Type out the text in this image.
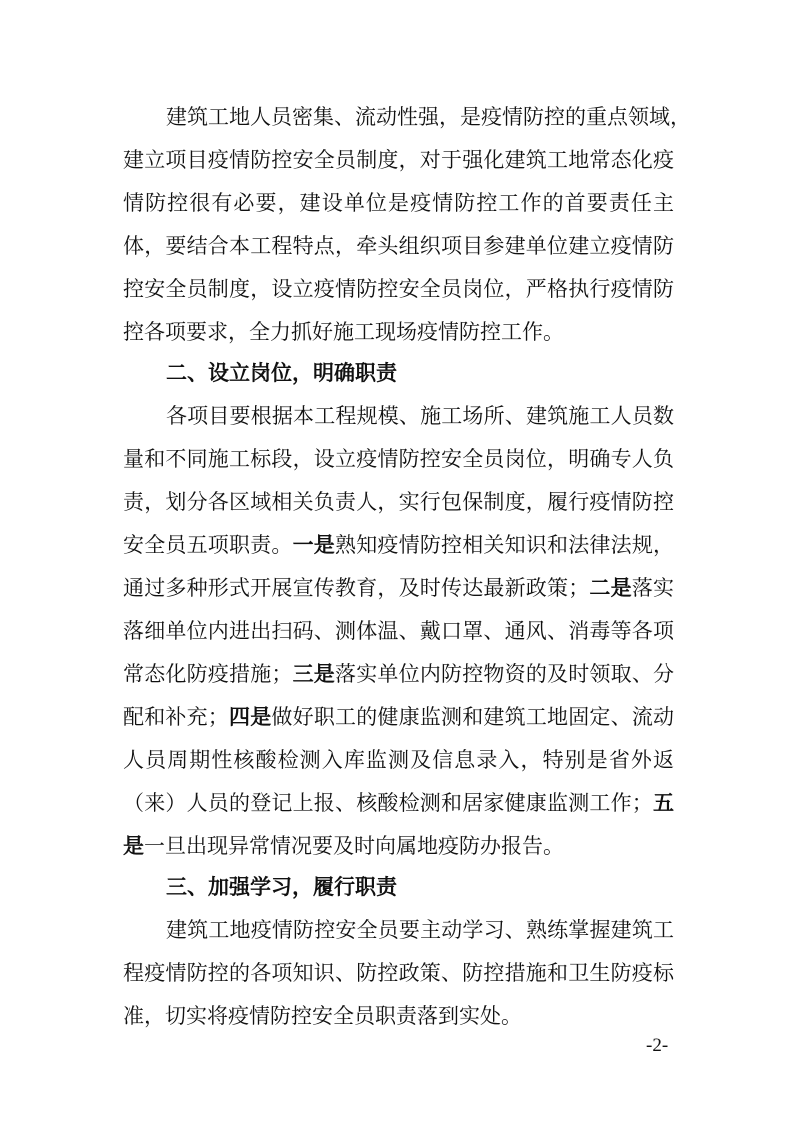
建筑工地人员密集、流动性强，是疫情防控的重点领域，
建立项目疫情防控安全员制度，对于强化建筑工地常态化疫
情防控很有必要，建设单位是疫情防控工作的首要责任主
体，要结合本工程特点，牵头组织项目参建单位建立疫情防
控安全员制度，设立疫情防控安全员岗位，严格执行疫情防
控各项要求，全力抓好施工现场疫情防控工作。
二、设立岗位，明确职责
各项目要根据本工程规模、施工场所、建筑施工人员数
量和不同施工标段，设立疫情防控安全员岗位，明确专人负
责，划分各区域相关负责人，实行包保制度，履行疫情防控
安全员五项职责。一是熟知疫情防控相关知识和法律法规，
通过多种形式开展宣传教育，及时传达最新政策；二是落实
落细单位内进出扫码、测体温、戴口罩、通风、消毒等各项
常态化防疫措施；三是落实单位内防控物资的及时领取、分
配和补充；四是做好职工的健康监测和建筑工地固定、流动
人员周期性核酸检测入库监测及信息录入，特别是省外返
（来）人员的登记上报、核酸检测和居家健康监测工作；五
是一旦出现异常情况要及时向属地疫防办报告。
三、加强学习，履行职责
建筑工地疫情防控安全员要主动学习、熟练掌握建筑工
程疫情防控的各项知识、防控政策、防控措施和卫生防疫标
准，切实将疫情防控安全员职责落到实处。
-2-
